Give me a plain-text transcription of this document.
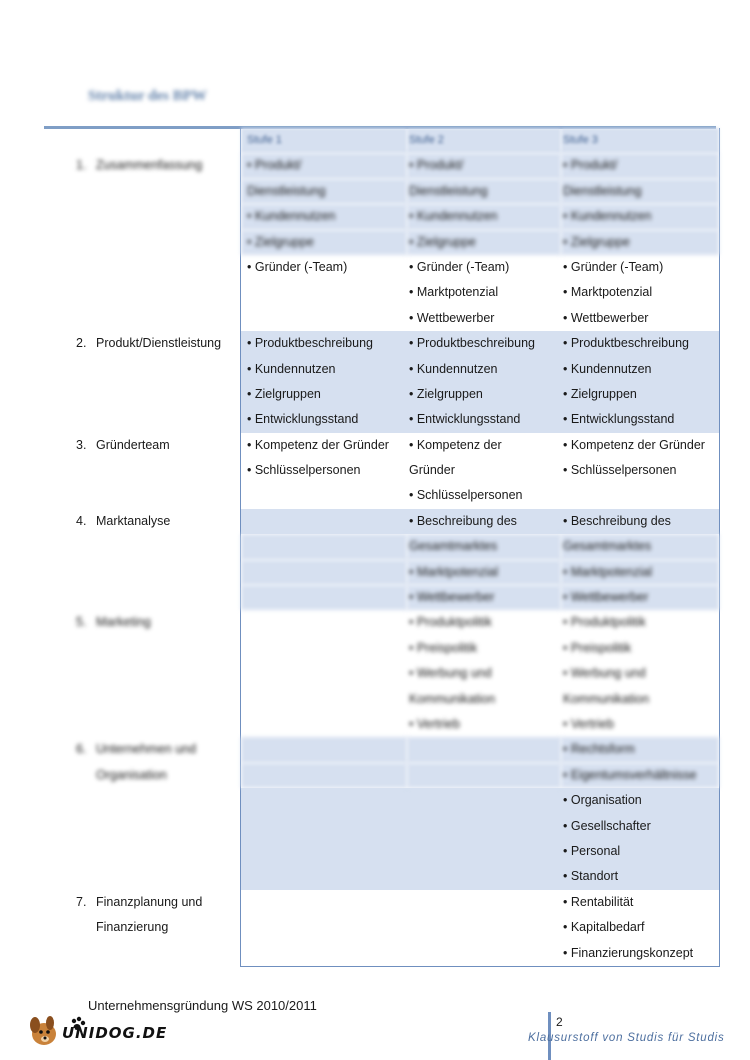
Struktur des BPW

		Stufe 1	Stufe 2	Stufe 3

1.	Zusammenfassung	• Produkt/	• Produkt/	• Produkt/

		Dienstleistung	Dienstleistung	Dienstleistung

		• Kundennutzen	• Kundennutzen	• Kundennutzen

		• Zielgruppe	• Zielgruppe	• Zielgruppe

		• Gründer (-Team)	• Gründer (-Team)	• Gründer (-Team)

			• Marktpotenzial	• Marktpotenzial

			• Wettbewerber	• Wettbewerber

2.	Produkt/Dienstleistung	• Produktbeschreibung	• Produktbeschreibung	• Produktbeschreibung

		• Kundennutzen	• Kundennutzen	• Kundennutzen

		• Zielgruppen	• Zielgruppen	• Zielgruppen

		• Entwicklungsstand	• Entwicklungsstand	• Entwicklungsstand

3.	Gründerteam	• Kompetenz der Gründer	• Kompetenz der	• Kompetenz der Gründer

		• Schlüsselpersonen	Gründer	• Schlüsselpersonen

			• Schlüsselpersonen	

4.	Marktanalyse		• Beschreibung des	• Beschreibung des

			Gesamtmarktes	Gesamtmarktes

			• Marktpotenzial	• Marktpotenzial

			• Wettbewerber	• Wettbewerber

5.	Marketing		• Produktpolitik	• Produktpolitik

			• Preispolitik	• Preispolitik

			• Werbung und	• Werbung und

			Kommunikation	Kommunikation

			• Vertrieb	• Vertrieb

6.	Unternehmen und			• Rechtsform

	Organisation			• Eigentumsverhältnisse

				• Organisation

				• Gesellschafter

				• Personal

				• Standort

7.	Finanzplanung und			• Rentabilität

	Finanzierung			• Kapitalbedarf

				• Finanzierungskonzept
Unternehmensgründung WS 2010/2011
2
Klausurstoff von Studis für Studis
UNIDOG.DE
